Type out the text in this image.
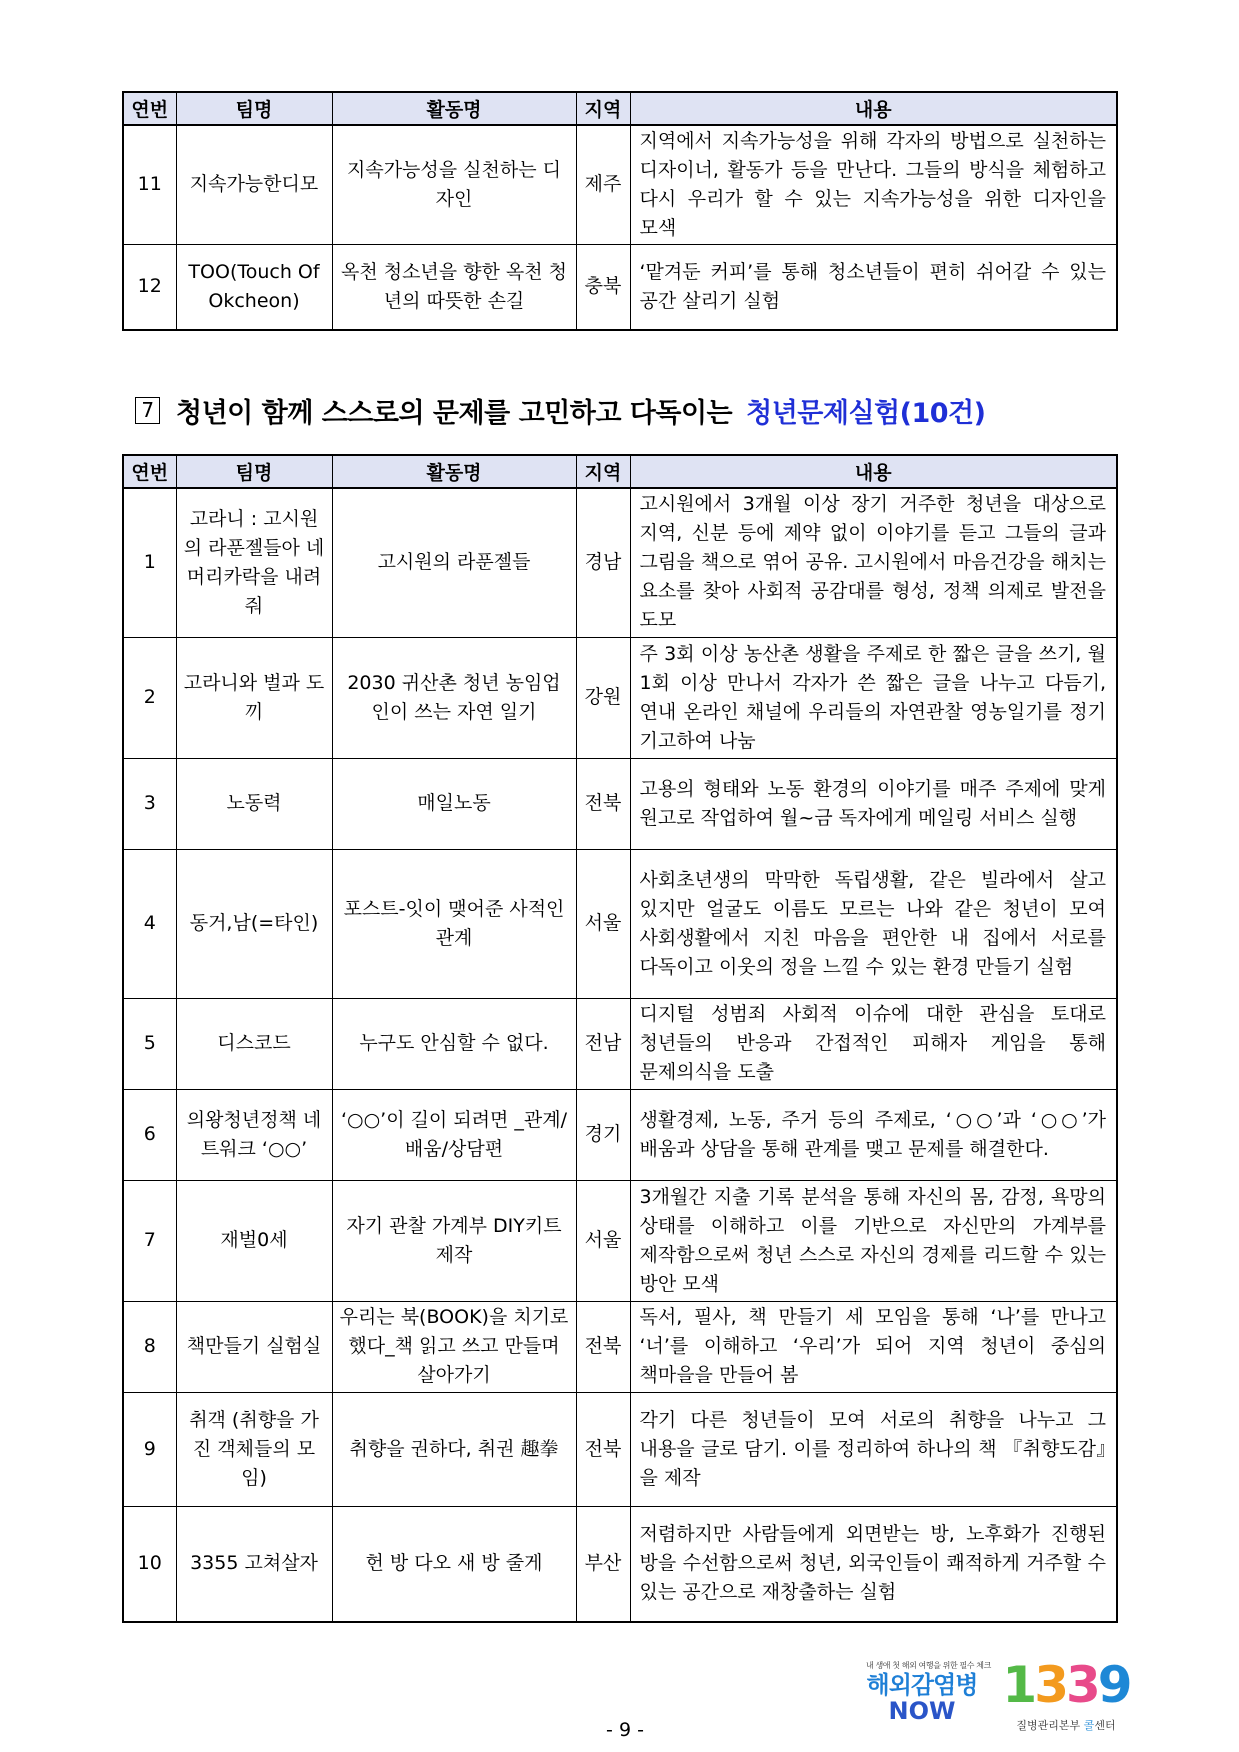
연번	팀명	활동명	지역	내용
11	지속가능한디모	지속가능성을 실천하는 디자인	제주	지역에서 지속가능성을 위해 각자의 방법으로 실천하는 디자이너, 활동가 등을 만난다. 그들의 방식을 체험하고 다시 우리가 할 수 있는 지속가능성을 위한 디자인을 모색
12	TOO(Touch Of Okcheon)	옥천 청소년을 향한 옥천 청년의 따뜻한 손길	충북	‘맡겨둔 커피’를 통해 청소년들이 편히 쉬어갈 수 있는 공간 살리기 실험
7 청년이 함께 스스로의 문제를 고민하고 다독이는 청년문제실험(10건)
연번	팀명	활동명	지역	내용
1	고라니 : 고시원의 라푼젤들아 네 머리카락을 내려줘	고시원의 라푼젤들	경남	고시원에서 3개월 이상 장기 거주한 청년을 대상으로 지역, 신분 등에 제약 없이 이야기를 듣고 그들의 글과 그림을 책으로 엮어 공유. 고시원에서 마음건강을 해치는 요소를 찾아 사회적 공감대를 형성, 정책 의제로 발전을 도모
2	고라니와 벌과 도끼	2030 귀산촌 청년 농임업인이 쓰는 자연 일기	강원	주 3회 이상 농산촌 생활을 주제로 한 짧은 글을 쓰기, 월 1회 이상 만나서 각자가 쓴 짧은 글을 나누고 다듬기, 연내 온라인 채널에 우리들의 자연관찰 영농일기를 정기 기고하여 나눔
3	노동력	매일노동	전북	고용의 형태와 노동 환경의 이야기를 매주 주제에 맞게 원고로 작업하여 월~금 독자에게 메일링 서비스 실행
4	동거,남(=타인)	포스트-잇이 맺어준 사적인 관계	서울	사회초년생의 막막한 독립생활, 같은 빌라에서 살고 있지만 얼굴도 이름도 모르는 나와 같은 청년이 모여 사회생활에서 지친 마음을 편안한 내 집에서 서로를 다독이고 이웃의 정을 느낄 수 있는 환경 만들기 실험
5	디스코드	누구도 안심할 수 없다.	전남	디지털 성범죄 사회적 이슈에 대한 관심을 토대로 청년들의 반응과 간접적인 피해자 게임을 통해 문제의식을 도출
6	의왕청년정책 네트워크 ‘○○’	‘○○’이 길이 되려면 _관계/배움/상담편	경기	생활경제, 노동, 주거 등의 주제로, ‘○○’과 ‘○○’가 배움과 상담을 통해 관계를 맺고 문제를 해결한다.
7	재벌0세	자기 관찰 가계부 DIY키트 제작	서울	3개월간 지출 기록 분석을 통해 자신의 몸, 감정, 욕망의 상태를 이해하고 이를 기반으로 자신만의 가계부를 제작함으로써 청년 스스로 자신의 경제를 리드할 수 있는 방안 모색
8	책만들기 실험실	우리는 북(BOOK)을 치기로 했다_책 읽고 쓰고 만들며 살아가기	전북	독서, 필사, 책 만들기 세 모임을 통해 ‘나’를 만나고 ‘너’를 이해하고 ‘우리’가 되어 지역 청년이 중심의 책마을을 만들어 봄
9	취객 (취향을 가진 객체들의 모임)	취향을 권하다, 취권 趣拳	전북	각기 다른 청년들이 모여 서로의 취향을 나누고 그 내용을 글로 담기. 이를 정리하여 하나의 책 『취향도감』을 제작
10	3355 고쳐살자	헌 방 다오 새 방 줄게	부산	저렴하지만 사람들에게 외면받는 방, 노후화가 진행된 방을 수선함으로써 청년, 외국인들이 쾌적하게 거주할 수 있는 공간으로 재창출하는 실험
- 9 -
내 생애 첫 해외 여행을 위한 필수 체크
해외감염병
NOW 1339
질병관리본부 콜센터
